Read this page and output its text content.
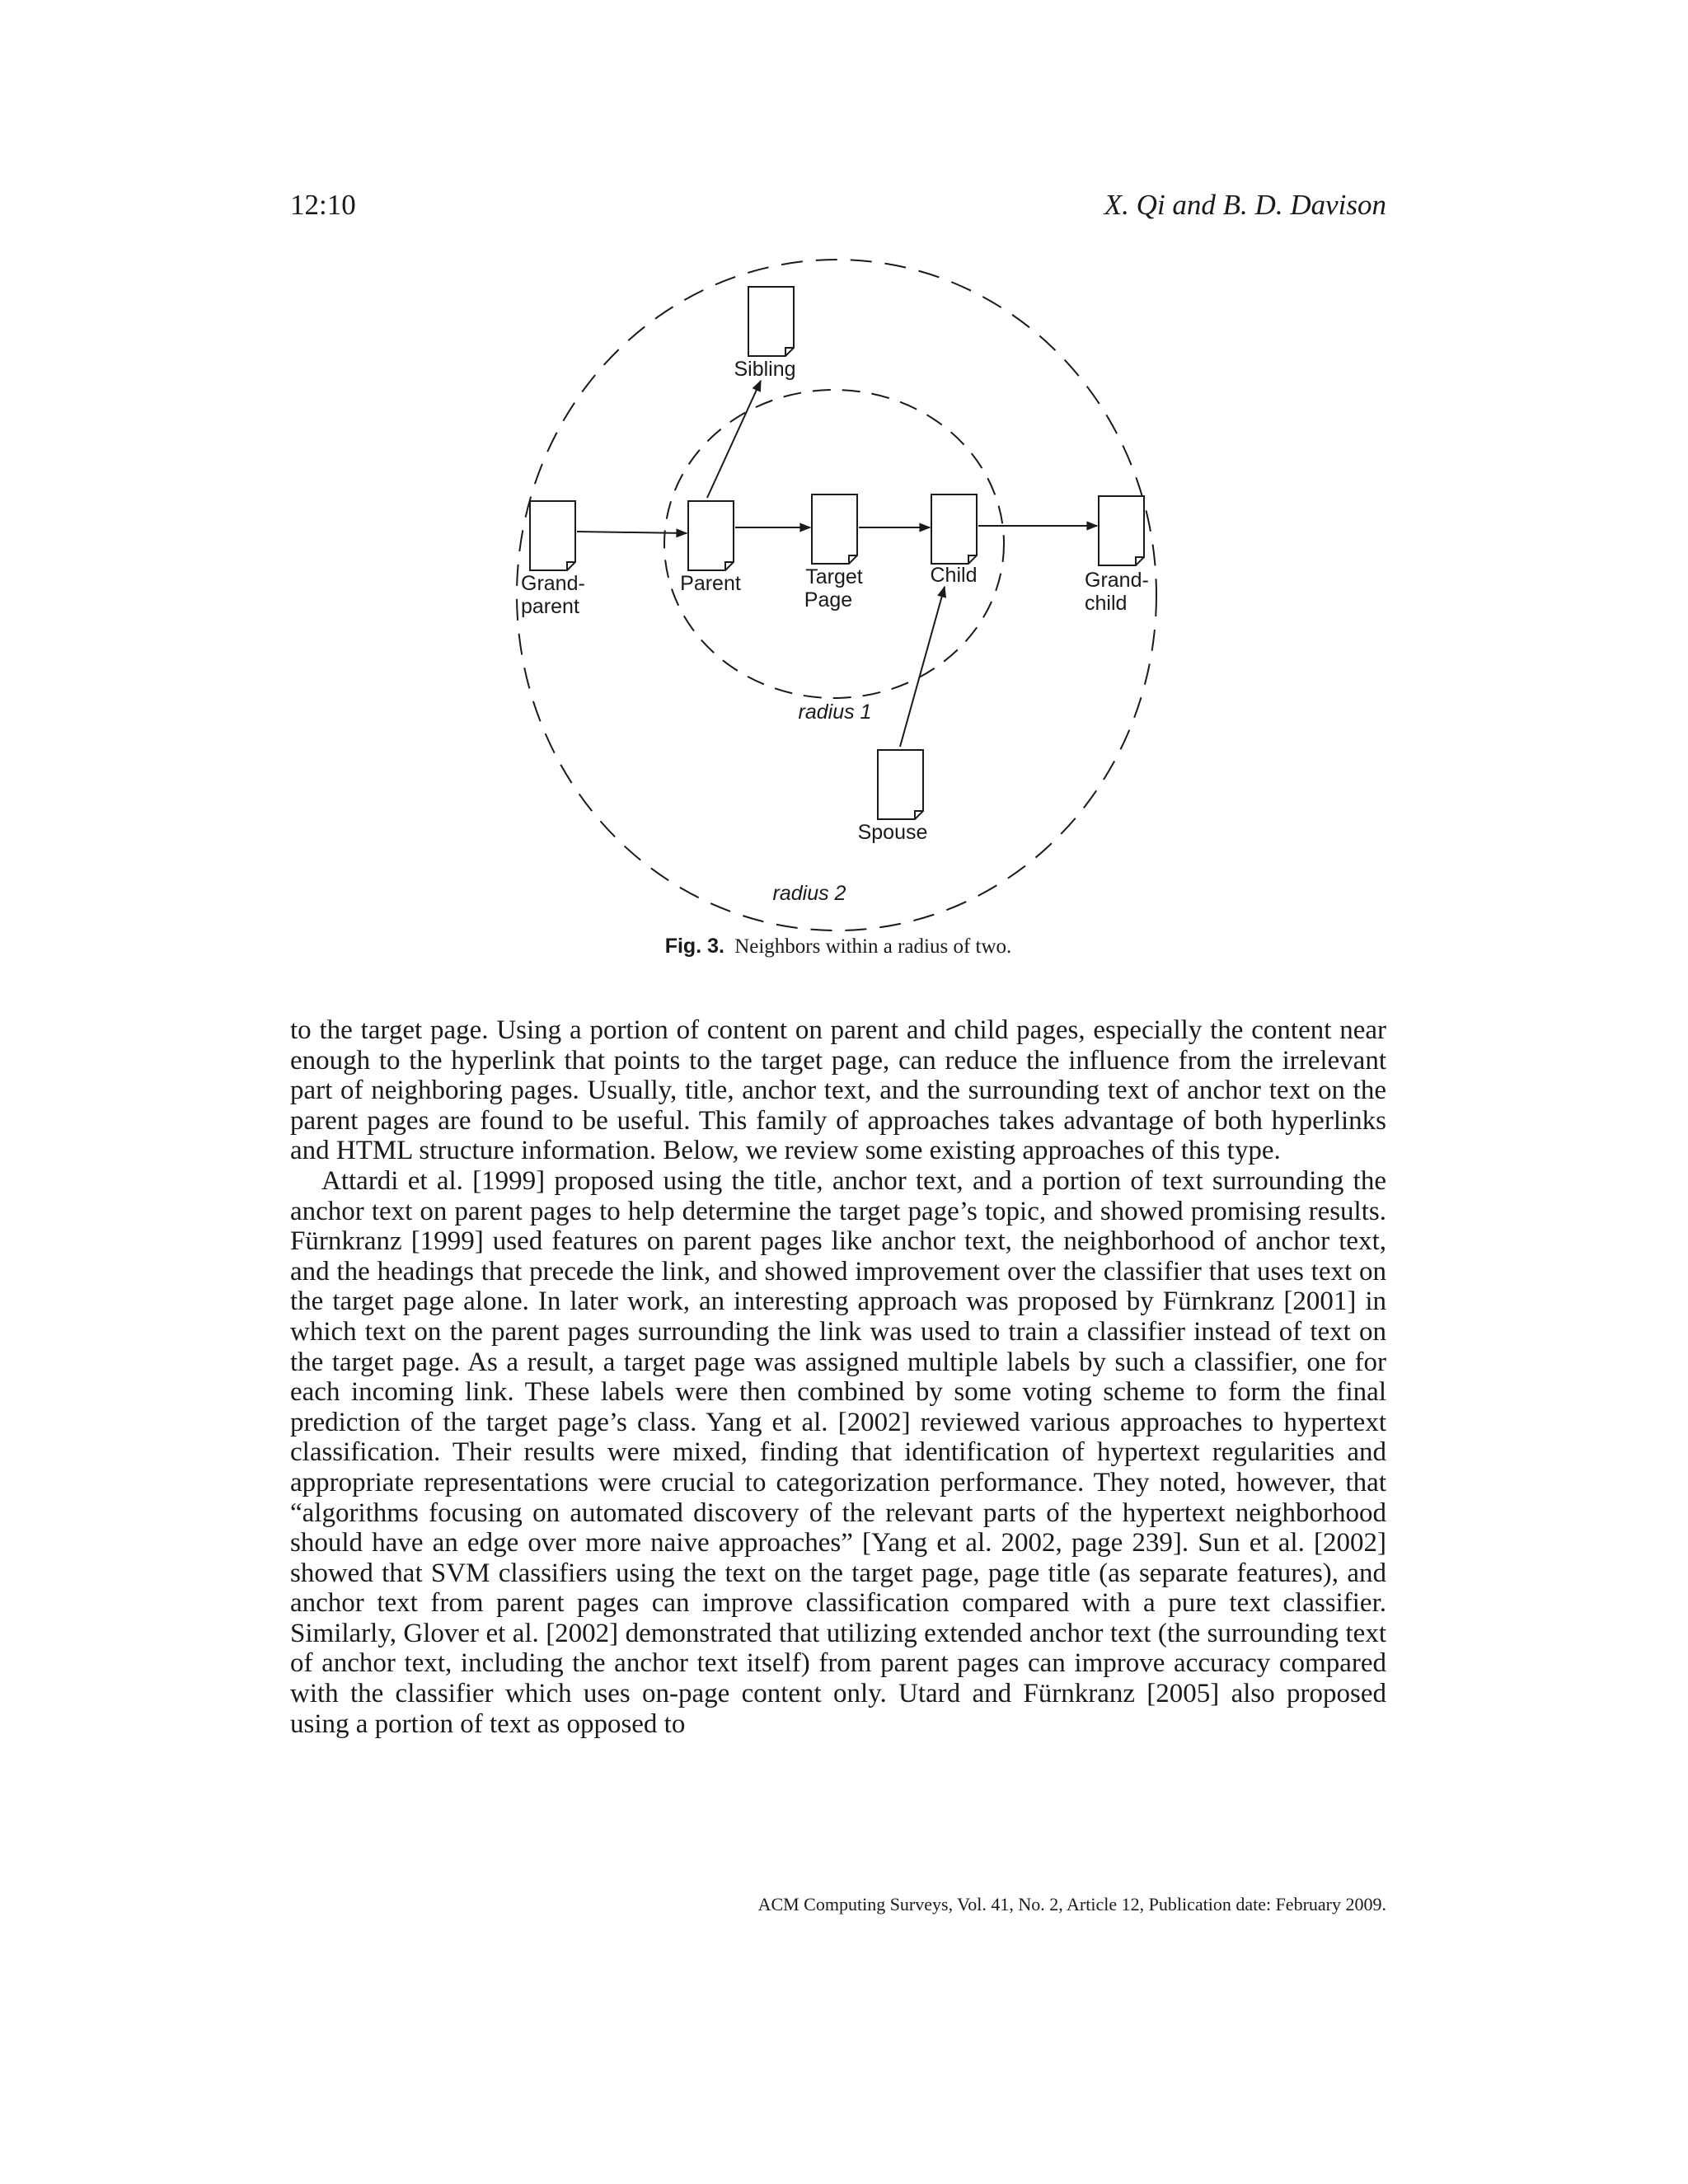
12:10	X. Qi and B. D. Davison
Sibling
Grand-
parent
Parent	Target
Page
Child	Grand-
child
Spouse
radius 1
radius 2
Fig. 3. Neighbors within a radius of two.

to the target page. Using a portion of content on parent and child pages, especially the content near enough to the hyperlink that points to the target page, can reduce the influence from the irrelevant part of neighboring pages. Usually, title, anchor text, and the surrounding text of anchor text on the parent pages are found to be useful. This family of approaches takes advantage of both hyperlinks and HTML structure information. Below, we review some existing approaches of this type.

Attardi et al. [1999] proposed using the title, anchor text, and a portion of text surrounding the anchor text on parent pages to help determine the target page’s topic, and showed promising results. Fürnkranz [1999] used features on parent pages like anchor text, the neighborhood of anchor text, and the headings that precede the link, and showed improvement over the classifier that uses text on the target page alone. In later work, an interesting approach was proposed by Fürnkranz [2001] in which text on the parent pages surrounding the link was used to train a classifier instead of text on the target page. As a result, a target page was assigned multiple labels by such a classifier, one for each incoming link. These labels were then combined by some voting scheme to form the final prediction of the target page’s class. Yang et al. [2002] reviewed various approaches to hypertext classification. Their results were mixed, finding that identification of hypertext regularities and appropriate representations were crucial to categorization performance. They noted, however, that “algorithms focusing on automated discovery of the relevant parts of the hypertext neighborhood should have an edge over more naive approaches” [Yang et al. 2002, page 239]. Sun et al. [2002] showed that SVM classifiers using the text on the target page, page title (as separate features), and anchor text from parent pages can improve classification compared with a pure text classifier. Similarly, Glover et al. [2002] demonstrated that utilizing extended anchor text (the surrounding text of anchor text, including the anchor text itself) from parent pages can improve accuracy compared with the classifier which uses on-page content only. Utard and Fürnkranz [2005] also proposed using a portion of text as opposed to

ACM Computing Surveys, Vol. 41, No. 2, Article 12, Publication date: February 2009.
